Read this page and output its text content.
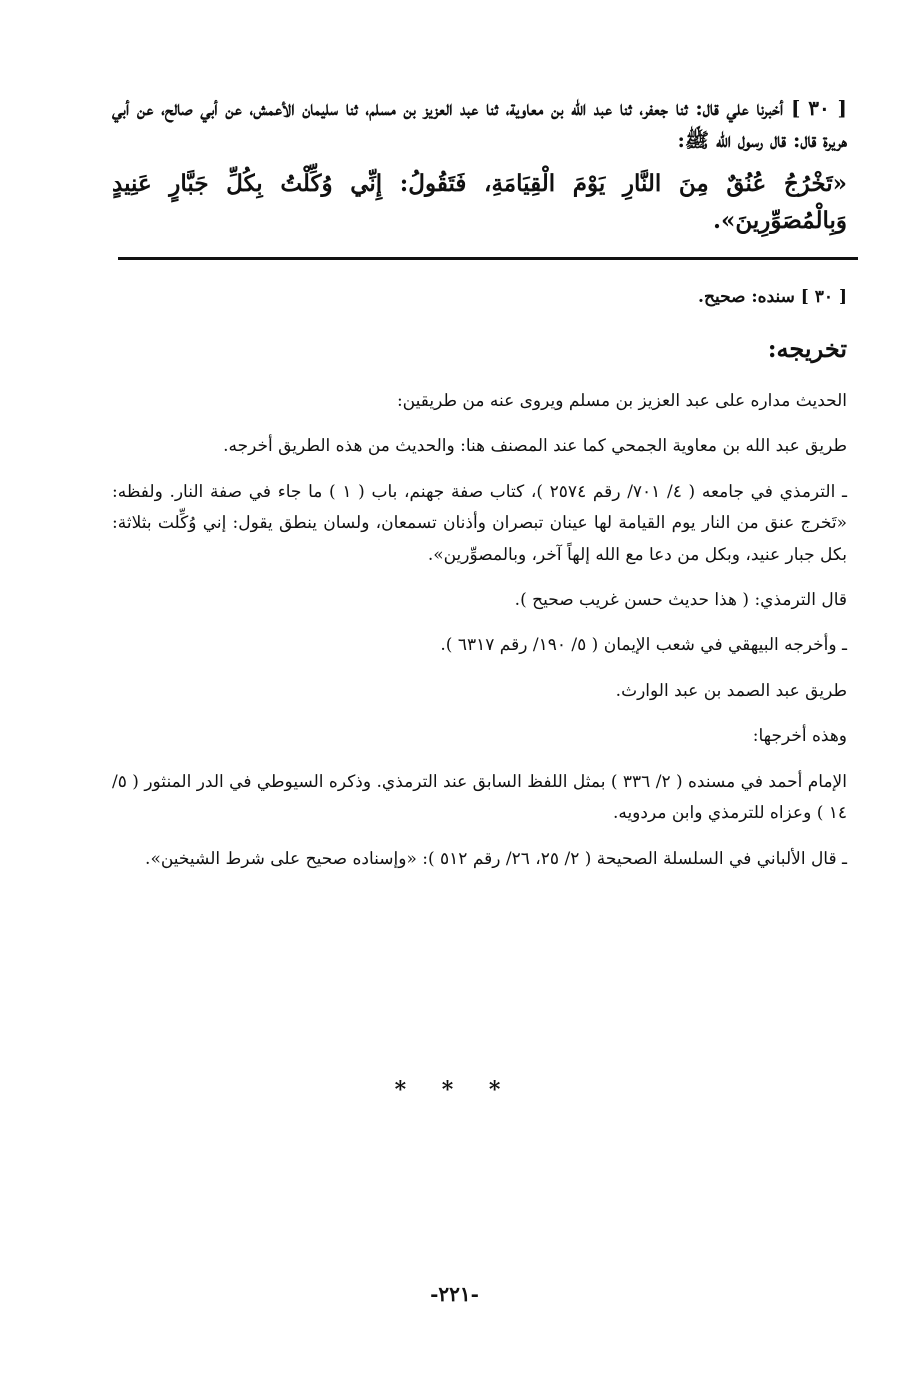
[ ٣٠ ] أخبرنا علي قال: ثنا جعفر، ثنا عبد الله بن معاوية، ثنا عبد العزيز بن مسلم، ثنا سليمان الأعمش، عن أبي صالح، عن أبي هريرة قال: قال رسول الله ﷺ:
«تَخْرُجُ عُنُقٌ مِنَ النَّارِ يَوْمَ الْقِيَامَةِ، فَتَقُولُ: إِنِّي وُكِّلْتُ بِكُلِّ جَبَّارٍ عَنِيدٍ وَبِالْمُصَوِّرِينَ».

[ ٣٠ ] سنده: صحيح.

تخريجه:

الحديث مداره على عبد العزيز بن مسلم ويروى عنه من طريقين:

طريق عبد الله بن معاوية الجمحي كما عند المصنف هنا: والحديث من هذه الطريق أخرجه.

ـ الترمذي في جامعه ( ٤/ ٧٠١/ رقم ٢٥٧٤ )، كتاب صفة جهنم، باب ( ١ ) ما جاء في صفة النار. ولفظه: «تَخرج عنق من النار يوم القيامة لها عينان تبصران وأذنان تسمعان، ولسان ينطق يقول: إني وُكِّلت بثلاثة: بكل جبار عنيد، وبكل من دعا مع الله إلهاً آخر، وبالمصوِّرين».

قال الترمذي: ( هذا حديث حسن غريب صحيح ).

ـ وأخرجه البيهقي في شعب الإيمان ( ٥/ ١٩٠/ رقم ٦٣١٧ ).

طريق عبد الصمد بن عبد الوارث.

وهذه أخرجها:

الإمام أحمد في مسنده ( ٢/ ٣٣٦ ) بمثل اللفظ السابق عند الترمذي. وذكره السيوطي في الدر المنثور ( ٥/ ١٤ ) وعزاه للترمذي وابن مردويه.

ـ قال الألباني في السلسلة الصحيحة ( ٢/ ٢٥، ٢٦/ رقم ٥١٢ ): «وإسناده صحيح على شرط الشيخين».

* * *
-٢٢١-
